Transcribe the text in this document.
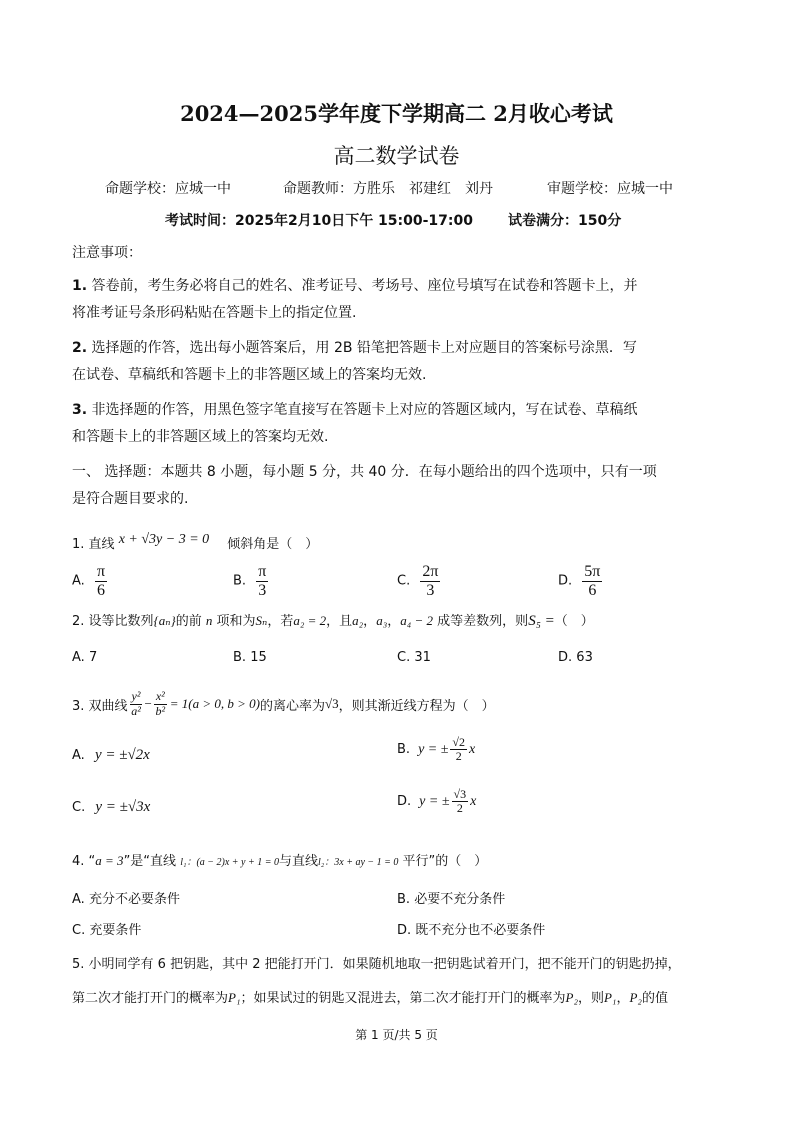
2024—2025学年度下学期高二 2月收心考试
高二数学试卷
命题学校：应城一中	命题教师：方胜乐　祁建红　刘丹	审题学校：应城一中
考试时间：2025年2月10日下午 15:00-17:00	试卷满分：150分
注意事项：
1. 答卷前，考生务必将自己的姓名、准考证号、考场号、座位号填写在试卷和答题卡上，并
将准考证号条形码粘贴在答题卡上的指定位置.
2. 选择题的作答，选出每小题答案后，用 2B 铅笔把答题卡上对应题目的答案标号涂黑．写
在试卷、草稿纸和答题卡上的非答题区域上的答案均无效.
3. 非选择题的作答，用黑色签字笔直接写在答题卡上对应的答题区域内，写在试卷、草稿纸
和答题卡上的非答题区域上的答案均无效.
一、 选择题：本题共 8 小题，每小题 5 分，共 40 分．在每小题给出的四个选项中，只有一项
是符合题目要求的.
1. 直线 x + √3y − 3 = 0 倾斜角是（　）
A. $\frac{\pi}{6}$	B. $\frac{\pi}{3}$	C. $\frac{2\pi}{3}$	D. $\frac{5\pi}{6}$
2. 设等比数列{aₙ}的前 n 项和为Sₙ，若a₂ = 2，且a₂，a₃，a₄ − 2 成等差数列，则S₅ =（　）
A. 7	B. 15	C. 31	D. 63
3. 双曲线 $\frac{\text{y²}}{\text{a²}} - \frac{\text{x²}}{\text{b²}} = 1(a > 0$, b > 0) 的离心率为 √3 ，则其渐近线方程为（　）
A. y = ±√2x	B. y = ± $\frac{√2}{2}$ x
C. y = ±√3x	D. y = ± $\frac{√3}{2}$ x
4. “a = 3”是“直线 l₁：(a − 2)x + y + 1 = 0与直线l₂：3x + ay − 1 = 0 平行”的（　）
A. 充分不必要条件	B. 必要不充分条件
C. 充要条件	D. 既不充分也不必要条件
5. 小明同学有 6 把钥匙，其中 2 把能打开门．如果随机地取一把钥匙试着开门，把不能开门的钥匙扔掉，
第二次才能打开门的概率为P₁；如果试过的钥匙又混进去，第二次才能打开门的概率为P₂，则P₁，P₂的值
第 1 页/共 5 页
